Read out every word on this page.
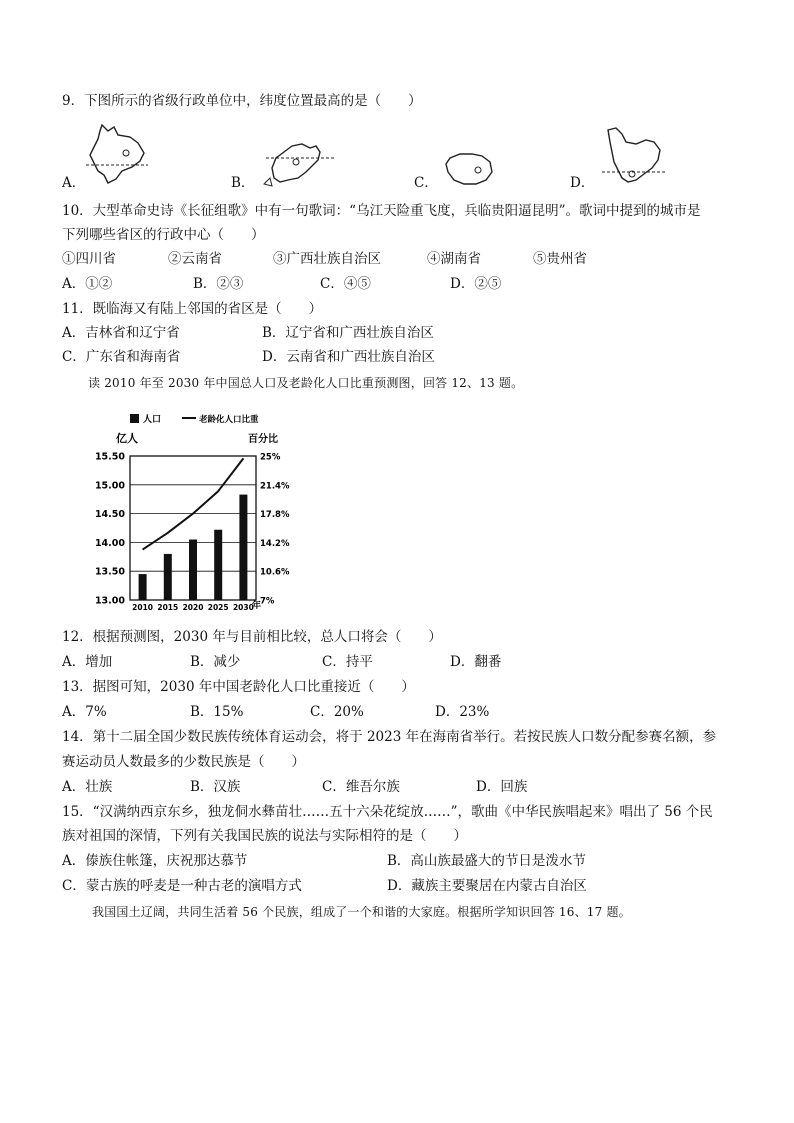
9．下图所示的省级行政单位中，纬度位置最高的是（　　）
A．	B．	C．	D．
10．大型革命史诗《长征组歌》中有一句歌词：“乌江天险重飞度，兵临贵阳逼昆明”。歌词中提到的城市是
下列哪些省区的行政中心（　　）
①四川省	②云南省	③广西壮族自治区	④湖南省	⑤贵州省
A．①②	B．②③	C．④⑤	D．②⑤
11．既临海又有陆上邻国的省区是（　　）
A．吉林省和辽宁省	B．辽宁省和广西壮族自治区
C．广东省和海南省	D．云南省和广西壮族自治区
读 2010 年至 2030 年中国总人口及老龄化人口比重预测图，回答 12、13 题。
人口	老龄化人口比重
亿人	百分比
15.50
15.00
14.50
14.00
13.50
13.00
25%
21.4%
17.8%
14.2%
10.6%
7%
2010 2015 2020 2025 2030
年
12．根据预测图，2030 年与目前相比较，总人口将会（　　）
A．增加	B．减少	C．持平	D．翻番
13．据图可知，2030 年中国老龄化人口比重接近（　　）
A．7%	B．15%	C．20%	D．23%
14．第十二届全国少数民族传统体育运动会，将于 2023 年在海南省举行。若按民族人口数分配参赛名额，参
赛运动员人数最多的少数民族是（　　）
A．壮族	B．汉族	C．维吾尔族	D．回族
15．“汉满纳西京东乡，独龙侗水彝苗壮……五十六朵花绽放……”，歌曲《中华民族唱起来》唱出了 56 个民
族对祖国的深情，下列有关我国民族的说法与实际相符的是（　　）
A．傣族住帐篷，庆祝那达慕节	B．高山族最盛大的节日是泼水节
C．蒙古族的呼麦是一种古老的演唱方式	D．藏族主要聚居在内蒙古自治区
我国国土辽阔，共同生活着 56 个民族，组成了一个和谐的大家庭。根据所学知识回答 16、17 题。
